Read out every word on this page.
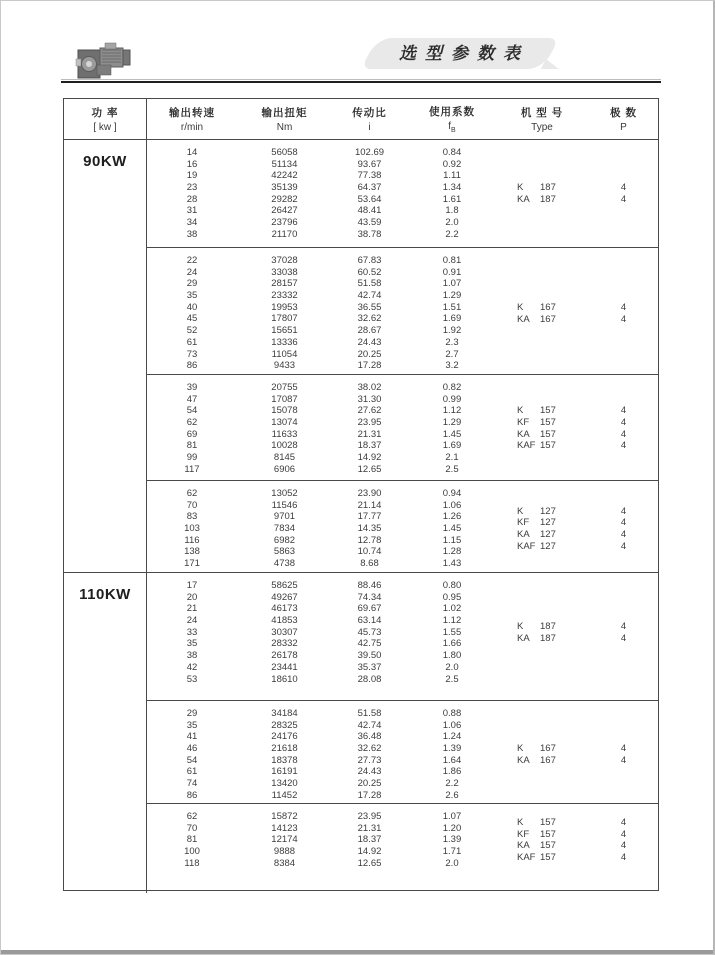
选型参数表
功 率
[ kw ]
输出转速
r/min
输出扭矩
Nm
传动比
i
使用系数
$f_B$
机 型 号
Type
极 数
P
90KW
14	56058	102.69	0.84
16	51134	93.67	0.92
19	42242	77.38	1.11
23	35139	64.37	1.34
28	29282	53.64	1.61
31	26427	48.41	1.8
34	23796	43.59	2.0
38	21170	38.78	2.2
K 187	4
KA 187	4
22	37028	67.83	0.81
24	33038	60.52	0.91
29	28157	51.58	1.07
35	23332	42.74	1.29
40	19953	36.55	1.51
45	17807	32.62	1.69
52	15651	28.67	1.92
61	13336	24.43	2.3
73	11054	20.25	2.7
86	9433	17.28	3.2
K 167	4
KA 167	4
39	20755	38.02	0.82
47	17087	31.30	0.99
54	15078	27.62	1.12
62	13074	23.95	1.29
69	11633	21.31	1.45
81	10028	18.37	1.69
99	8145	14.92	2.1
117	6906	12.65	2.5
K 157	4
KF 157	4
KA 157	4
KAF 157	4
62	13052	23.90	0.94
70	11546	21.14	1.06
83	9701	17.77	1.26
103	7834	14.35	1.45
116	6982	12.78	1.15
138	5863	10.74	1.28
171	4738	8.68	1.43
K 127	4
KF 127	4
KA 127	4
KAF 127	4
110KW
17	58625	88.46	0.80
20	49267	74.34	0.95
21	46173	69.67	1.02
24	41853	63.14	1.12
33	30307	45.73	1.55
35	28332	42.75	1.66
38	26178	39.50	1.80
42	23441	35.37	2.0
53	18610	28.08	2.5
K 187	4
KA 187	4
29	34184	51.58	0.88
35	28325	42.74	1.06
41	24176	36.48	1.24
46	21618	32.62	1.39
54	18378	27.73	1.64
61	16191	24.43	1.86
74	13420	20.25	2.2
86	11452	17.28	2.6
K 167	4
KA 167	4
62	15872	23.95	1.07
70	14123	21.31	1.20
81	12174	18.37	1.39
100	9888	14.92	1.71
118	8384	12.65	2.0
K 157	4
KF 157	4
KA 157	4
KAF 157	4
